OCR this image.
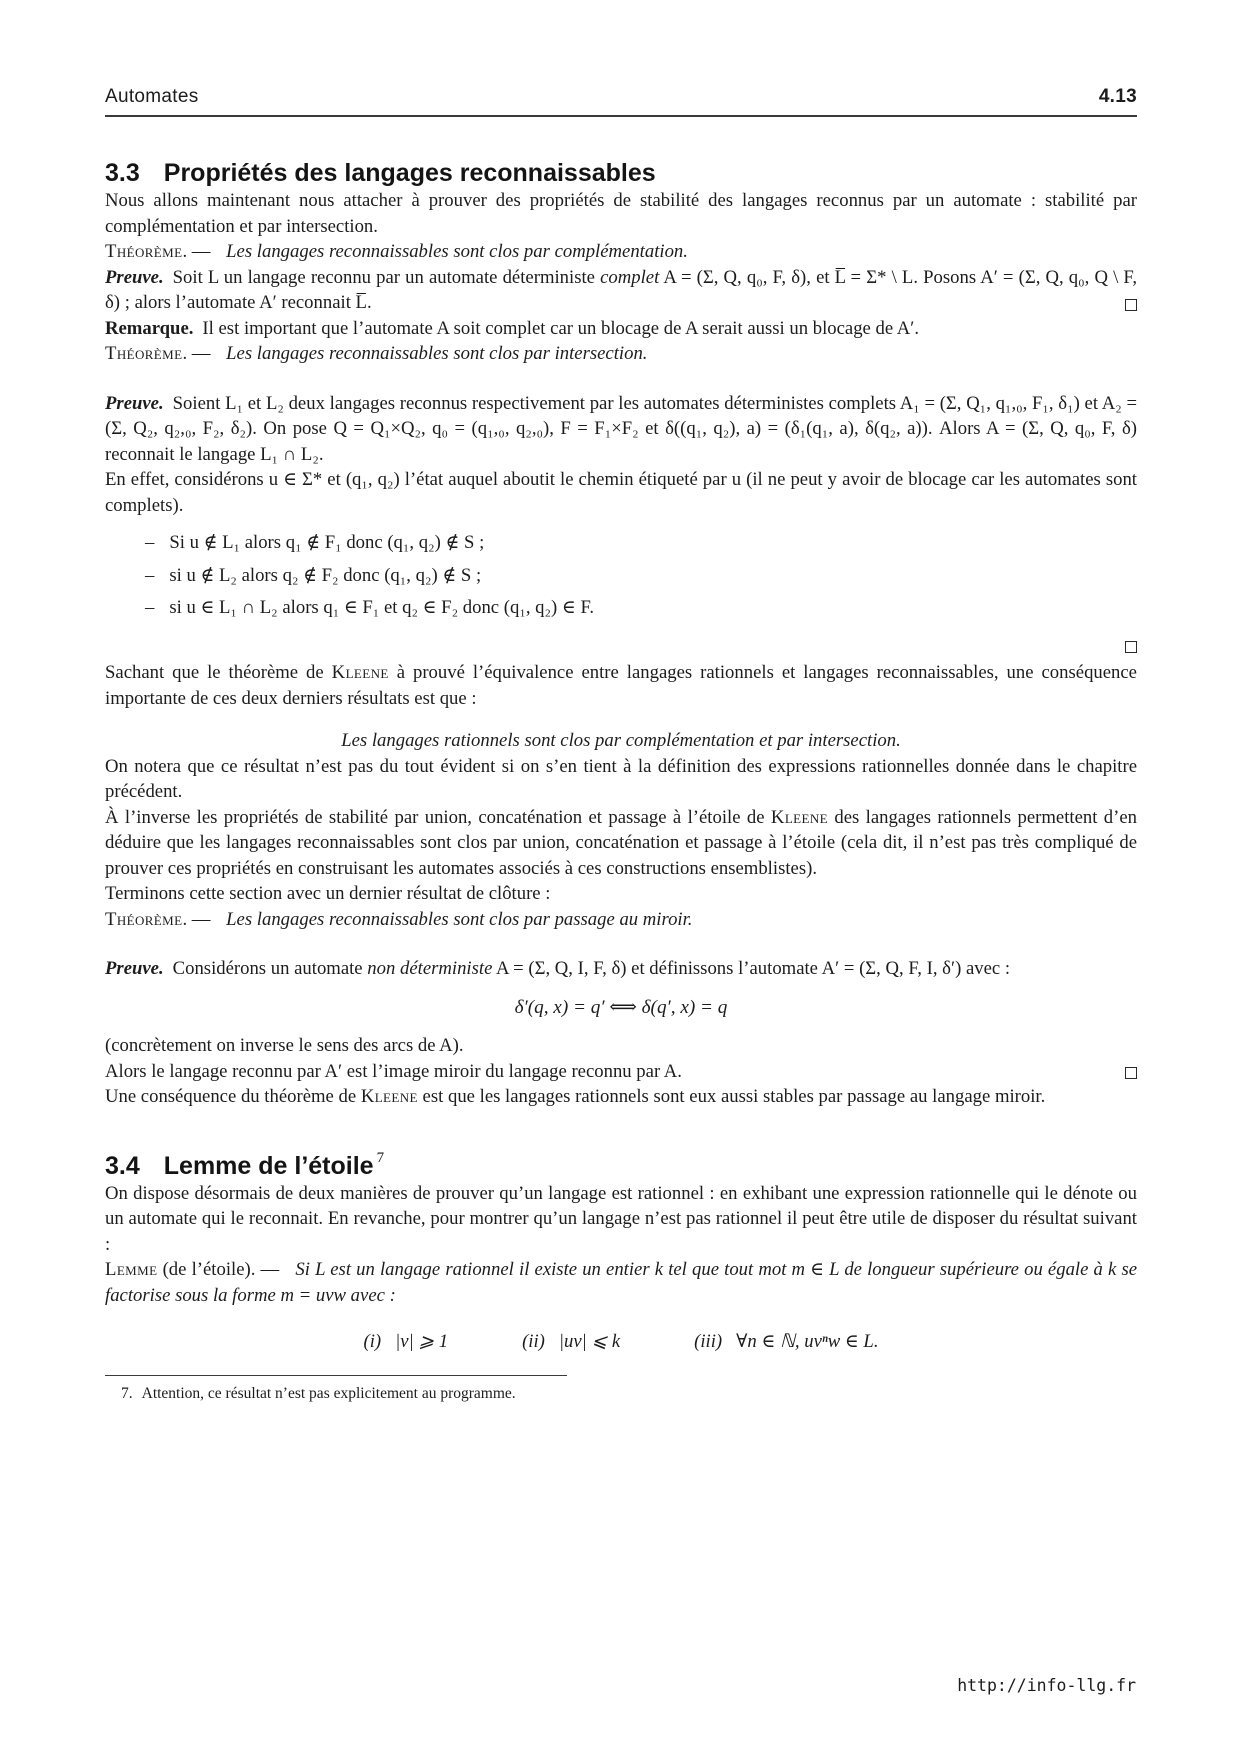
Automates	4.13
3.3 Propriétés des langages reconnaissables

Nous allons maintenant nous attacher à prouver des propriétés de stabilité des langages reconnus par un automate : stabilité par complémentation et par intersection.

Théorème. — Les langages reconnaissables sont clos par complémentation.

Preuve. Soit L un langage reconnu par un automate déterministe complet A = (Σ, Q, q₀, F, δ), et L̅ = Σ* \ L. Posons A′ = (Σ, Q, q₀, Q \ F, δ) ; alors l’automate A′ reconnait L̅.

Remarque. Il est important que l’automate A soit complet car un blocage de A serait aussi un blocage de A′.

Théorème. — Les langages reconnaissables sont clos par intersection.

Preuve. Soient L₁ et L₂ deux langages reconnus respectivement par les automates déterministes complets A₁ = (Σ, Q₁, q₁,₀, F₁, δ₁) et A₂ = (Σ, Q₂, q₂,₀, F₂, δ₂). On pose Q = Q₁×Q₂, q₀ = (q₁,₀, q₂,₀), F = F₁×F₂ et δ((q₁, q₂), a) = (δ₁(q₁, a), δ(q₂, a)). Alors A = (Σ, Q, q₀, F, δ) reconnait le langage L₁ ∩ L₂.

En effet, considérons u ∈ Σ* et (q₁, q₂) l’état auquel aboutit le chemin étiqueté par u (il ne peut y avoir de blocage car les automates sont complets).

– Si u ∉ L₁ alors q₁ ∉ F₁ donc (q₁, q₂) ∉ S ;
– si u ∉ L₂ alors q₂ ∉ F₂ donc (q₁, q₂) ∉ S ;
– si u ∈ L₁ ∩ L₂ alors q₁ ∈ F₁ et q₂ ∈ F₂ donc (q₁, q₂) ∈ F.

Sachant que le théorème de Kleene à prouvé l’équivalence entre langages rationnels et langages reconnaissables, une conséquence importante de ces deux derniers résultats est que :

Les langages rationnels sont clos par complémentation et par intersection.

On notera que ce résultat n’est pas du tout évident si on s’en tient à la définition des expressions rationnelles donnée dans le chapitre précédent.

À l’inverse les propriétés de stabilité par union, concaténation et passage à l’étoile de Kleene des langages rationnels permettent d’en déduire que les langages reconnaissables sont clos par union, concaténation et passage à l’étoile (cela dit, il n’est pas très compliqué de prouver ces propriétés en construisant les automates associés à ces constructions ensemblistes).

Terminons cette section avec un dernier résultat de clôture :

Théorème. — Les langages reconnaissables sont clos par passage au miroir.

Preuve. Considérons un automate non déterministe A = (Σ, Q, I, F, δ) et définissons l’automate A′ = (Σ, Q, F, I, δ′) avec :

δ′(q, x) = q′ ⟺ δ(q′, x) = q

(concrètement on inverse le sens des arcs de A).

Alors le langage reconnu par A′ est l’image miroir du langage reconnu par A.

Une conséquence du théorème de Kleene est que les langages rationnels sont eux aussi stables par passage au langage miroir.

3.4 Lemme de l’étoile $^7$

On dispose désormais de deux manières de prouver qu’un langage est rationnel : en exhibant une expression rationnelle qui le dénote ou un automate qui le reconnait. En revanche, pour montrer qu’un langage n’est pas rationnel il peut être utile de disposer du résultat suivant :

Lemme (de l’étoile). — Si L est un langage rationnel il existe un entier k tel que tout mot m ∈ L de longueur supérieure ou égale à k se factorise sous la forme m = uvw avec :

(i) |v| ⩾ 1	(ii) |uv| ⩽ k	(iii) ∀n ∈ ℕ, uvⁿw ∈ L.
7. Attention, ce résultat n’est pas explicitement au programme.
http://info-llg.fr
